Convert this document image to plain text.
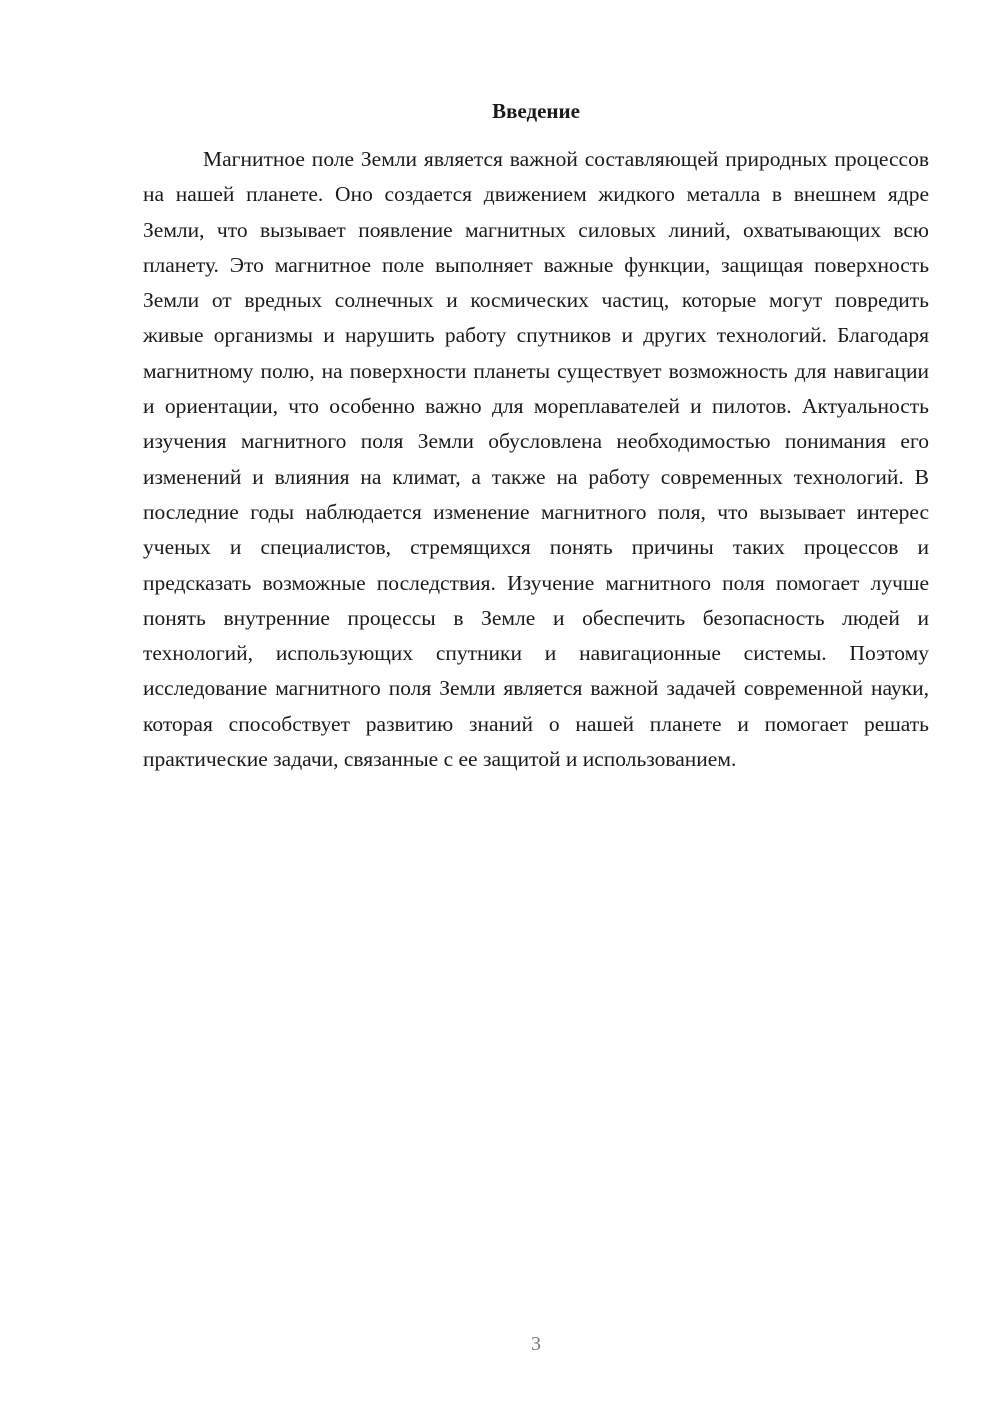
Введение

Магнитное поле Земли является важной составляющей природных процессов на нашей планете. Оно создается движением жидкого металла в внешнем ядре Земли, что вызывает появление магнитных силовых линий, охватывающих всю планету. Это магнитное поле выполняет важные функции, защищая поверхность Земли от вредных солнечных и космических частиц, которые могут повредить живые организмы и нарушить работу спутников и других технологий. Благодаря магнитному полю, на поверхности планеты существует возможность для навигации и ориентации, что особенно важно для мореплавателей и пилотов. Актуальность изучения магнитного поля Земли обусловлена необходимостью понимания его изменений и влияния на климат, а также на работу современных технологий. В последние годы наблюдается изменение магнитного поля, что вызывает интерес ученых и специалистов, стремящихся понять причины таких процессов и предсказать возможные последствия. Изучение магнитного поля помогает лучше понять внутренние процессы в Земле и обеспечить безопасность людей и технологий, использующих спутники и навигационные системы. Поэтому исследование магнитного поля Земли является важной задачей современной науки, которая способствует развитию знаний о нашей планете и помогает решать практические задачи, связанные с ее защитой и использованием.

3
